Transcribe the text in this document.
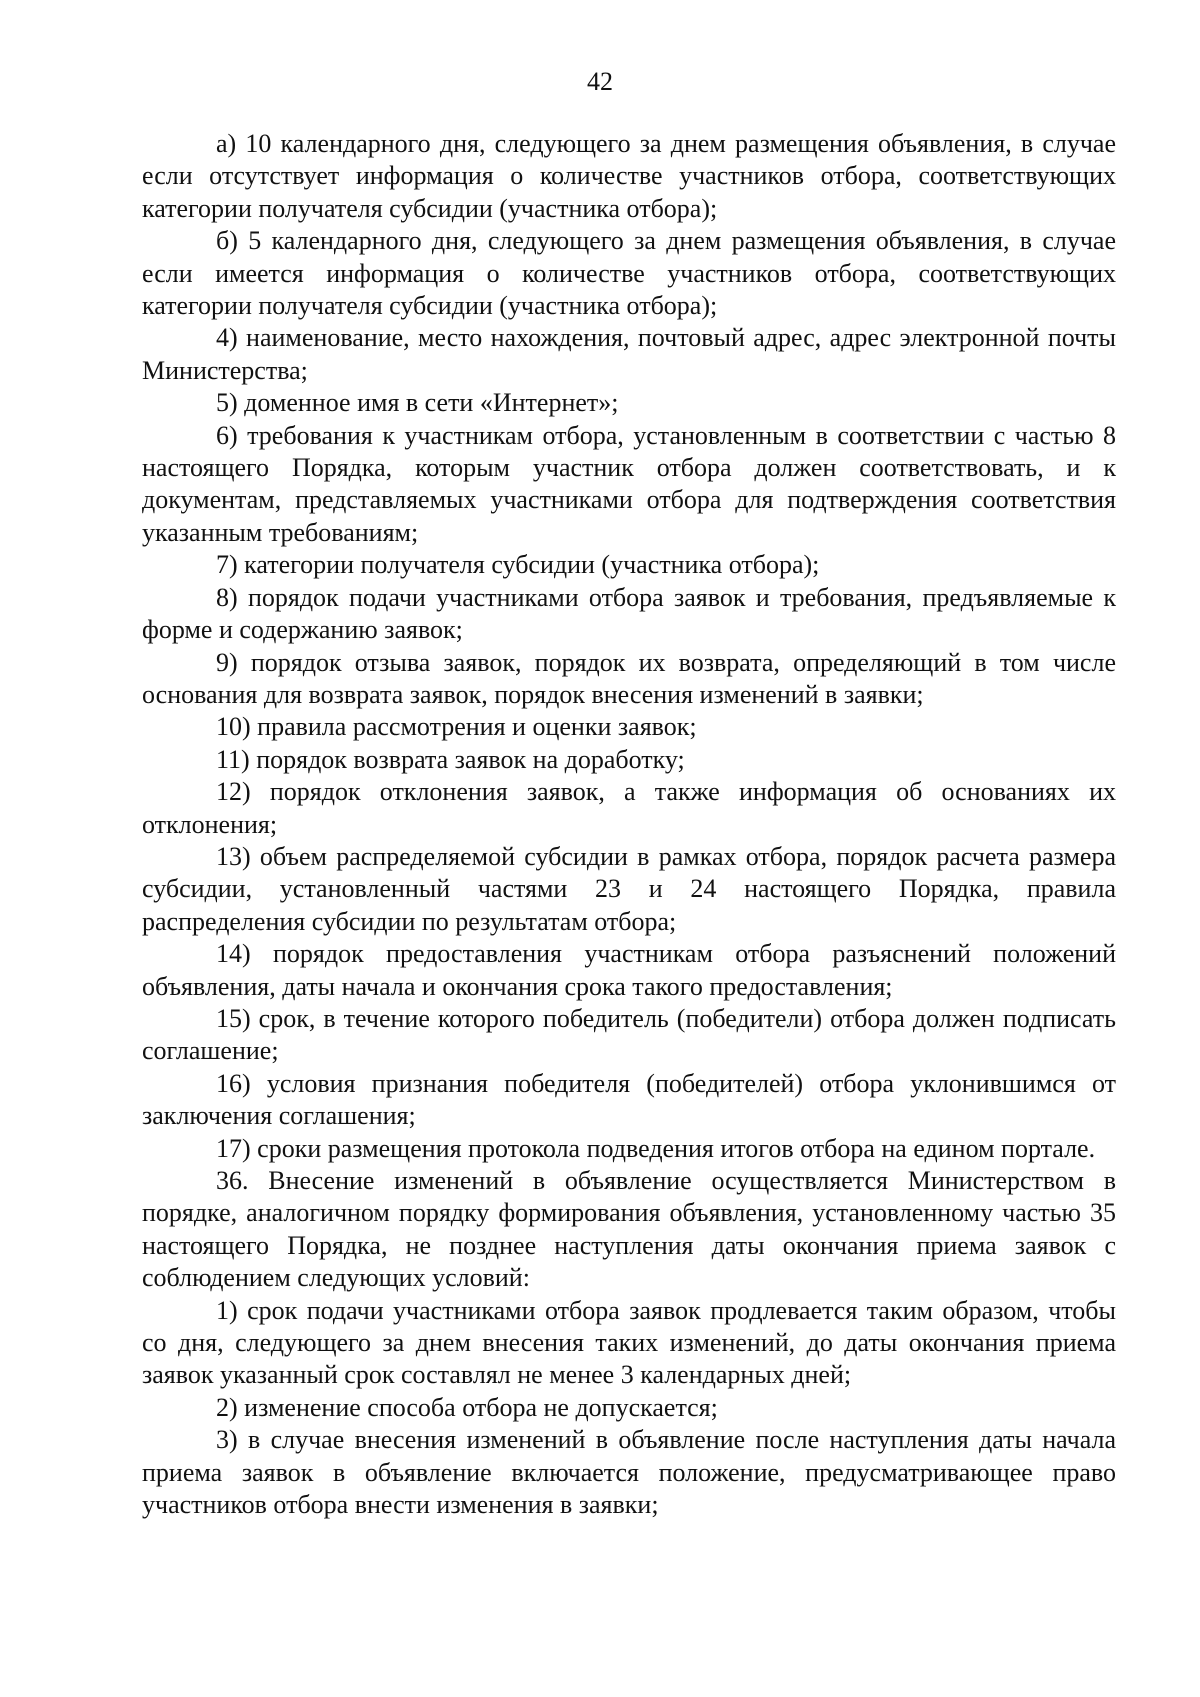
42

а) 10 календарного дня, следующего за днем размещения объявления, в случае если отсутствует информация о количестве участников отбора, соответствующих категории получателя субсидии (участника отбора);

б) 5 календарного дня, следующего за днем размещения объявления, в случае если имеется информация о количестве участников отбора, соответствующих категории получателя субсидии (участника отбора);

4) наименование, место нахождения, почтовый адрес, адрес электронной почты Министерства;

5) доменное имя в сети «Интернет»;

6) требования к участникам отбора, установленным в соответствии с частью 8 настоящего Порядка, которым участник отбора должен соответствовать, и к документам, представляемых участниками отбора для подтверждения соответствия указанным требованиям;

7) категории получателя субсидии (участника отбора);

8) порядок подачи участниками отбора заявок и требования, предъявляемые к форме и содержанию заявок;

9) порядок отзыва заявок, порядок их возврата, определяющий в том числе основания для возврата заявок, порядок внесения изменений в заявки;

10) правила рассмотрения и оценки заявок;

11) порядок возврата заявок на доработку;

12) порядок отклонения заявок, а также информация об основаниях их отклонения;

13) объем распределяемой субсидии в рамках отбора, порядок расчета размера субсидии, установленный частями 23 и 24 настоящего Порядка, правила распределения субсидии по результатам отбора;

14) порядок предоставления участникам отбора разъяснений положений объявления, даты начала и окончания срока такого предоставления;

15) срок, в течение которого победитель (победители) отбора должен подписать соглашение;

16) условия признания победителя (победителей) отбора уклонившимся от заключения соглашения;

17) сроки размещения протокола подведения итогов отбора на едином портале.

36. Внесение изменений в объявление осуществляется Министерством в порядке, аналогичном порядку формирования объявления, установленному частью 35 настоящего Порядка, не позднее наступления даты окончания приема заявок с соблюдением следующих условий:

1) срок подачи участниками отбора заявок продлевается таким образом, чтобы со дня, следующего за днем внесения таких изменений, до даты окончания приема заявок указанный срок составлял не менее 3 календарных дней;

2) изменение способа отбора не допускается;

3) в случае внесения изменений в объявление после наступления даты начала приема заявок в объявление включается положение, предусматривающее право участников отбора внести изменения в заявки;
